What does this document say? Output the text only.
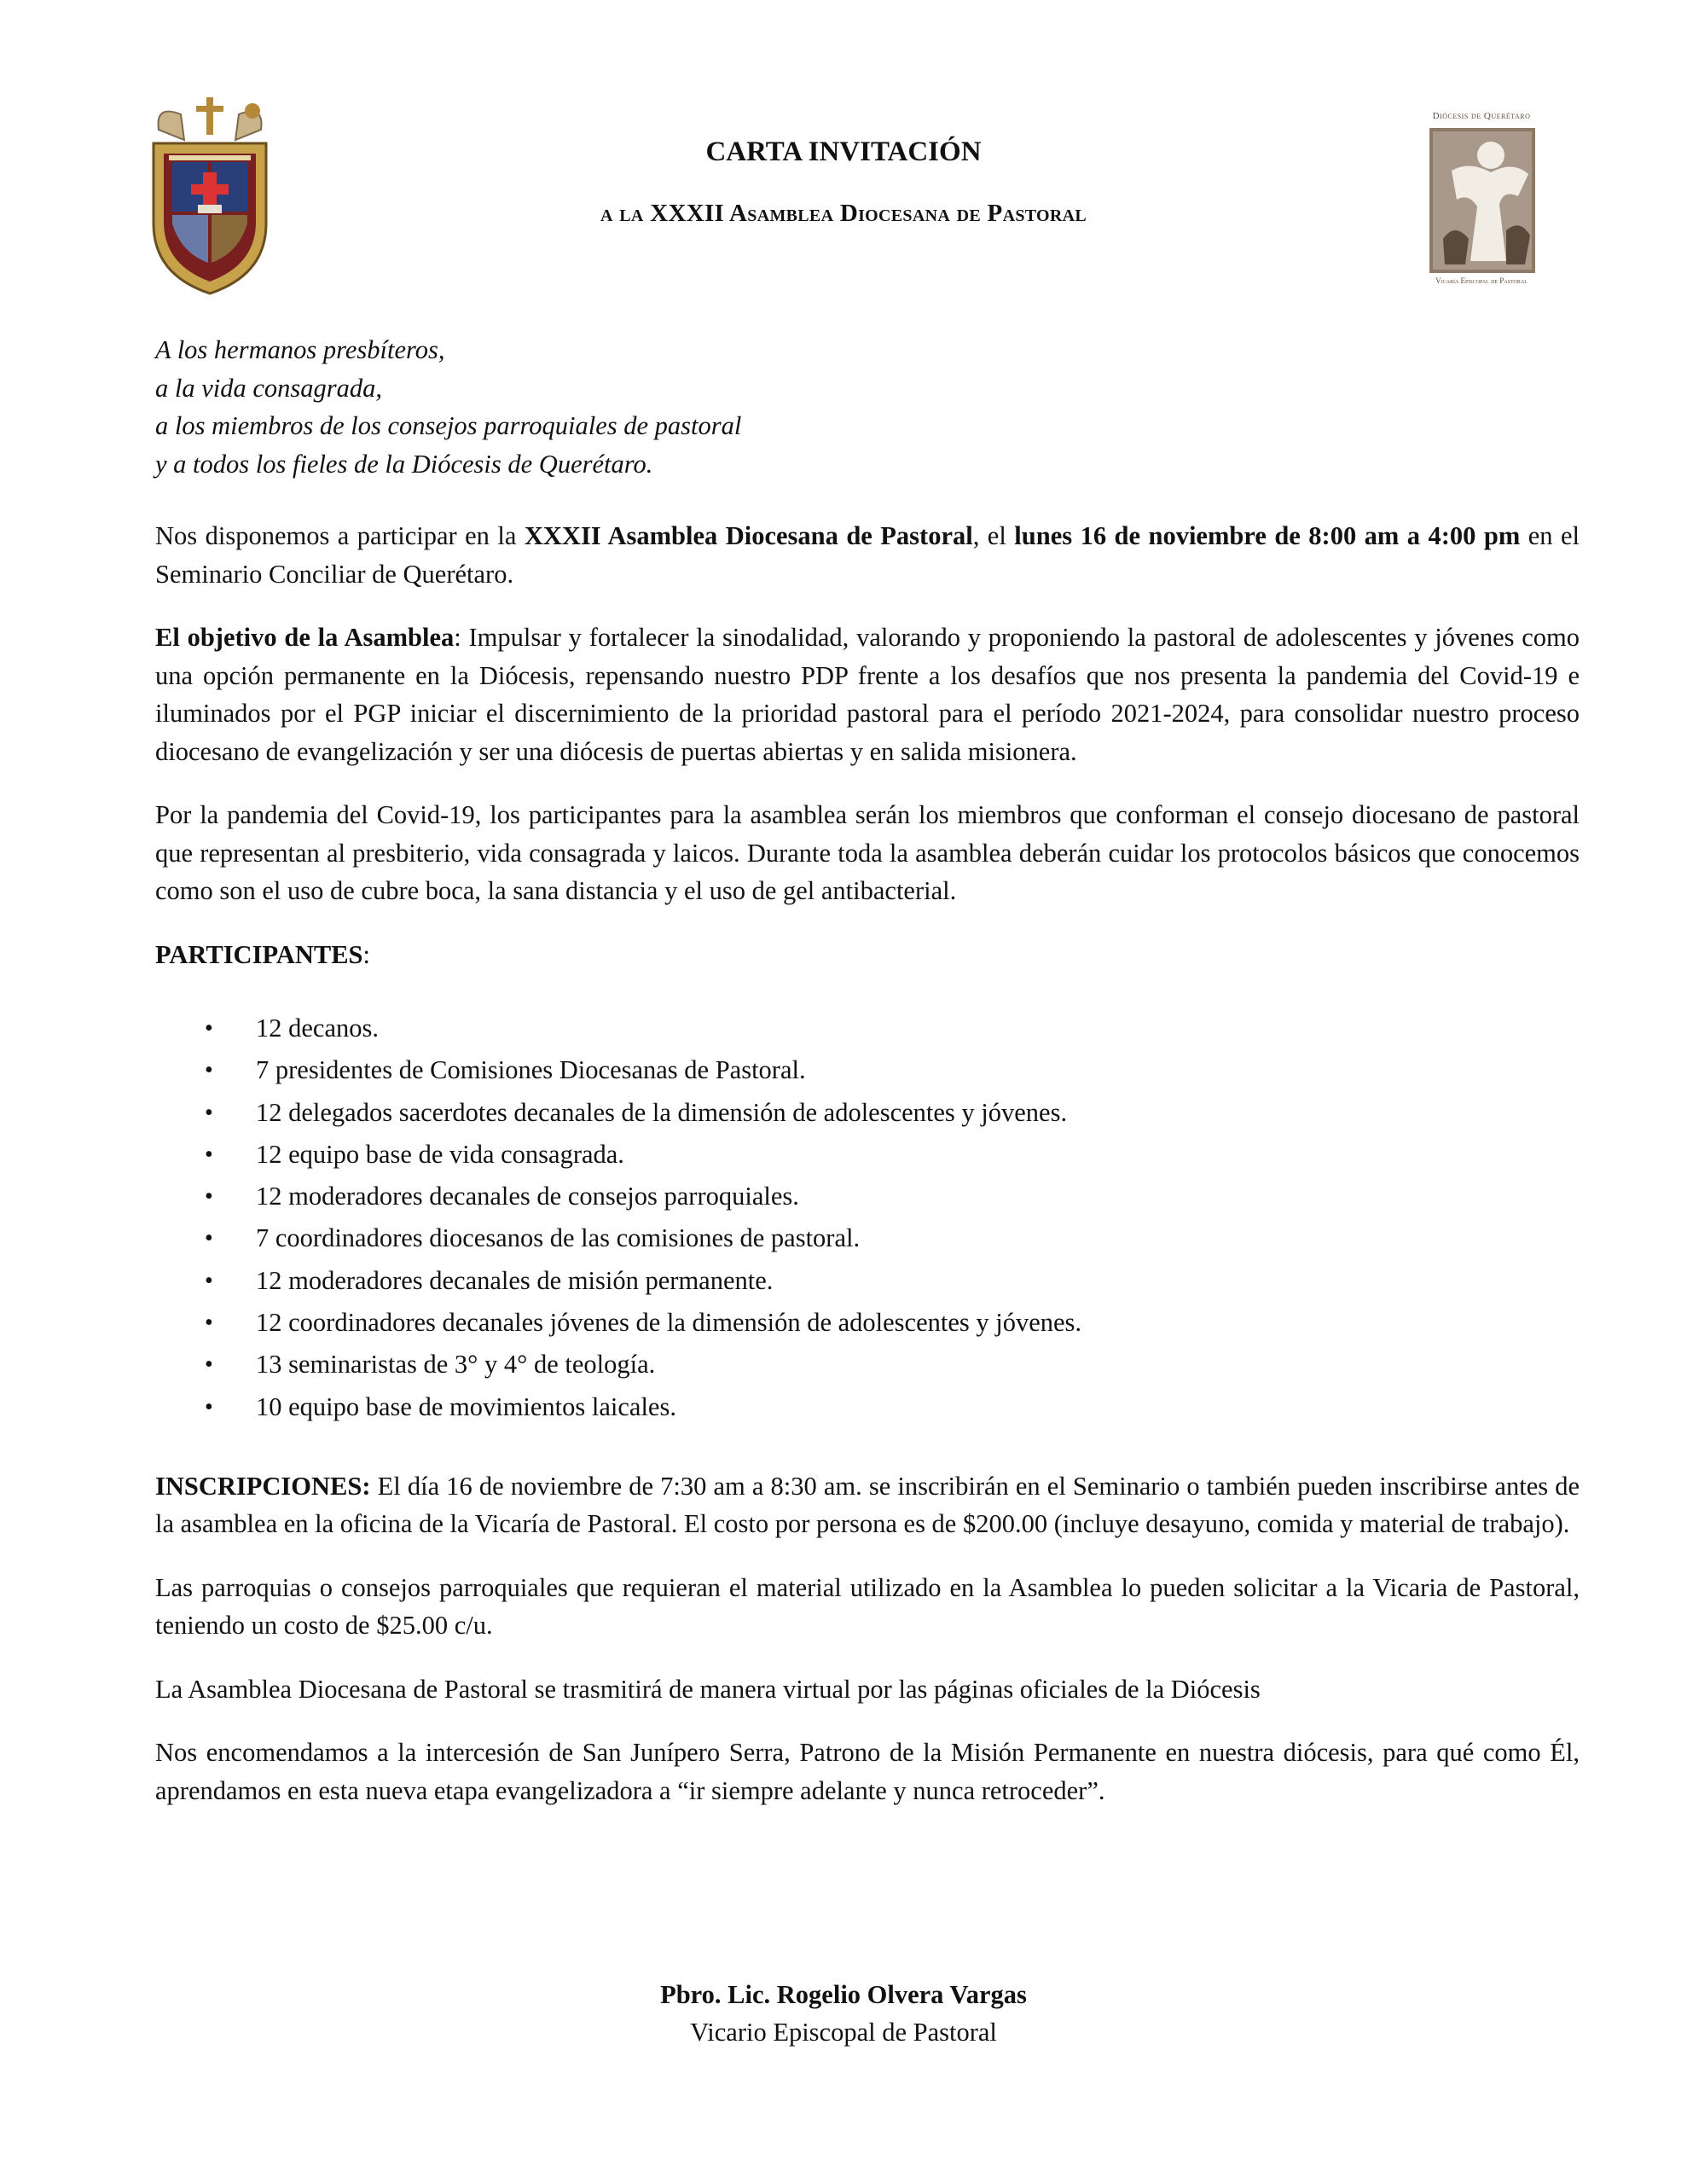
CARTA INVITACIÓN
a la XXXII Asamblea Diocesana de Pastoral
Diócesis de Querétaro
Vicaría Episcopal de Pastoral
A los hermanos presbíteros,
a la vida consagrada,
a los miembros de los consejos parroquiales de pastoral
y a todos los fieles de la Diócesis de Querétaro.

Nos disponemos a participar en la XXXII Asamblea Diocesana de Pastoral, el lunes 16 de noviembre de 8:00 am a 4:00 pm en el Seminario Conciliar de Querétaro.

El objetivo de la Asamblea: Impulsar y fortalecer la sinodalidad, valorando y proponiendo la pastoral de adolescentes y jóvenes como una opción permanente en la Diócesis, repensando nuestro PDP frente a los desafíos que nos presenta la pandemia del Covid-19 e iluminados por el PGP iniciar el discernimiento de la prioridad pastoral para el período 2021-2024, para consolidar nuestro proceso diocesano de evangelización y ser una diócesis de puertas abiertas y en salida misionera.

Por la pandemia del Covid-19, los participantes para la asamblea serán los miembros que conforman el consejo diocesano de pastoral que representan al presbiterio, vida consagrada y laicos. Durante toda la asamblea deberán cuidar los protocolos básicos que conocemos como son el uso de cubre boca, la sana distancia y el uso de gel antibacterial.

PARTICIPANTES:
• 12 decanos.
• 7 presidentes de Comisiones Diocesanas de Pastoral.
• 12 delegados sacerdotes decanales de la dimensión de adolescentes y jóvenes.
• 12 equipo base de vida consagrada.
• 12 moderadores decanales de consejos parroquiales.
• 7 coordinadores diocesanos de las comisiones de pastoral.
• 12 moderadores decanales de misión permanente.
• 12 coordinadores decanales jóvenes de la dimensión de adolescentes y jóvenes.
• 13 seminaristas de 3° y 4° de teología.
• 10 equipo base de movimientos laicales.

INSCRIPCIONES: El día 16 de noviembre de 7:30 am a 8:30 am. se inscribirán en el Seminario o también pueden inscribirse antes de la asamblea en la oficina de la Vicaría de Pastoral. El costo por persona es de $200.00 (incluye desayuno, comida y material de trabajo).

Las parroquias o consejos parroquiales que requieran el material utilizado en la Asamblea lo pueden solicitar a la Vicaria de Pastoral, teniendo un costo de $25.00 c/u.

La Asamblea Diocesana de Pastoral se trasmitirá de manera virtual por las páginas oficiales de la Diócesis

Nos encomendamos a la intercesión de San Junípero Serra, Patrono de la Misión Permanente en nuestra diócesis, para qué como Él, aprendamos en esta nueva etapa evangelizadora a “ir siempre adelante y nunca retroceder”.

Pbro. Lic. Rogelio Olvera Vargas
Vicario Episcopal de Pastoral
